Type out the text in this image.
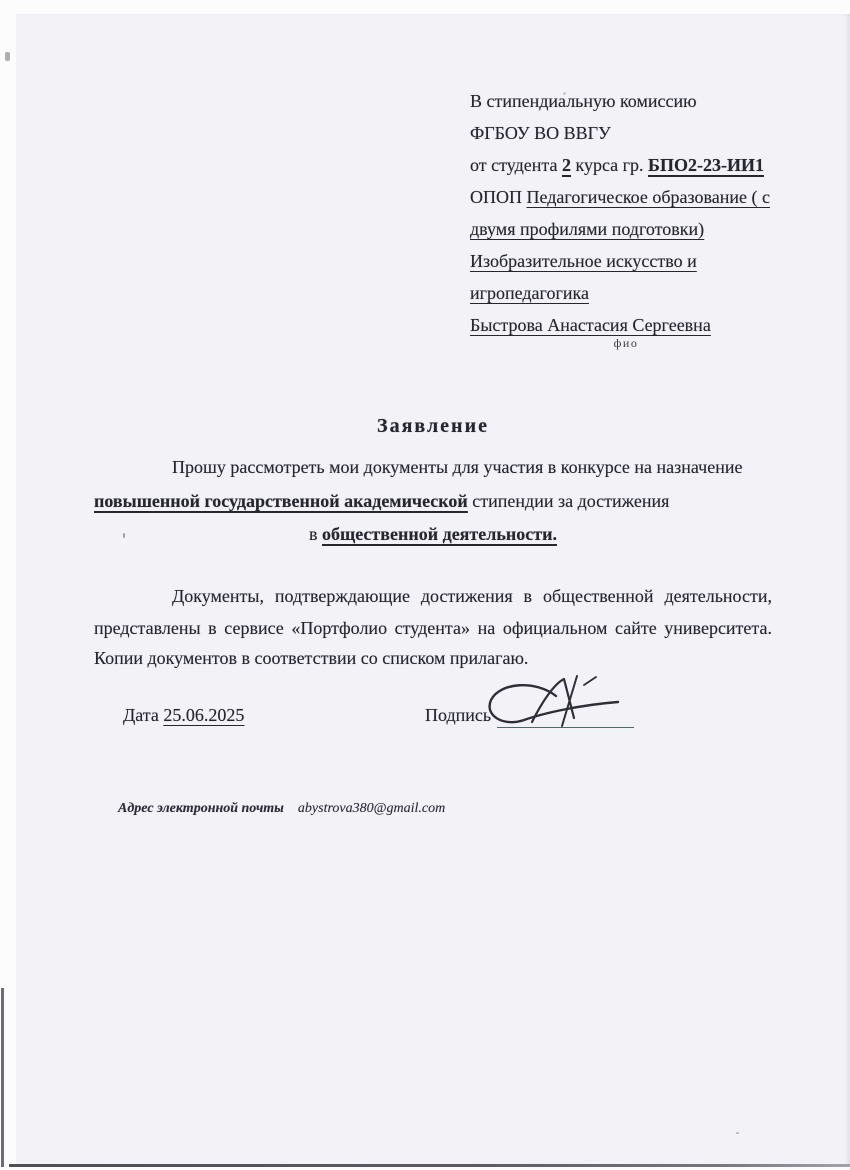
В стипендиальную комиссию
ФГБОУ ВО ВВГУ
от студента 2 курса гр. БПО2-23-ИИ1
ОПОП Педагогическое образование ( с
двумя профилями подготовки)
Изобразительное искусство и
игропедагогика
Быстрова Анастасия Сергеевна
фио
Заявление
Прошу рассмотреть мои документы для участия в конкурсе на назначение
повышенной государственной академической стипендии за достижения
в общественной деятельности.
Документы, подтверждающие достижения в общественной деятельности,
представлены в сервисе «Портфолио студента» на официальном сайте университета.
Копии документов в соответствии со списком прилагаю.
Дата 25.06.2025	Подпись
Адрес электронной почты abystrova380@gmail.com
